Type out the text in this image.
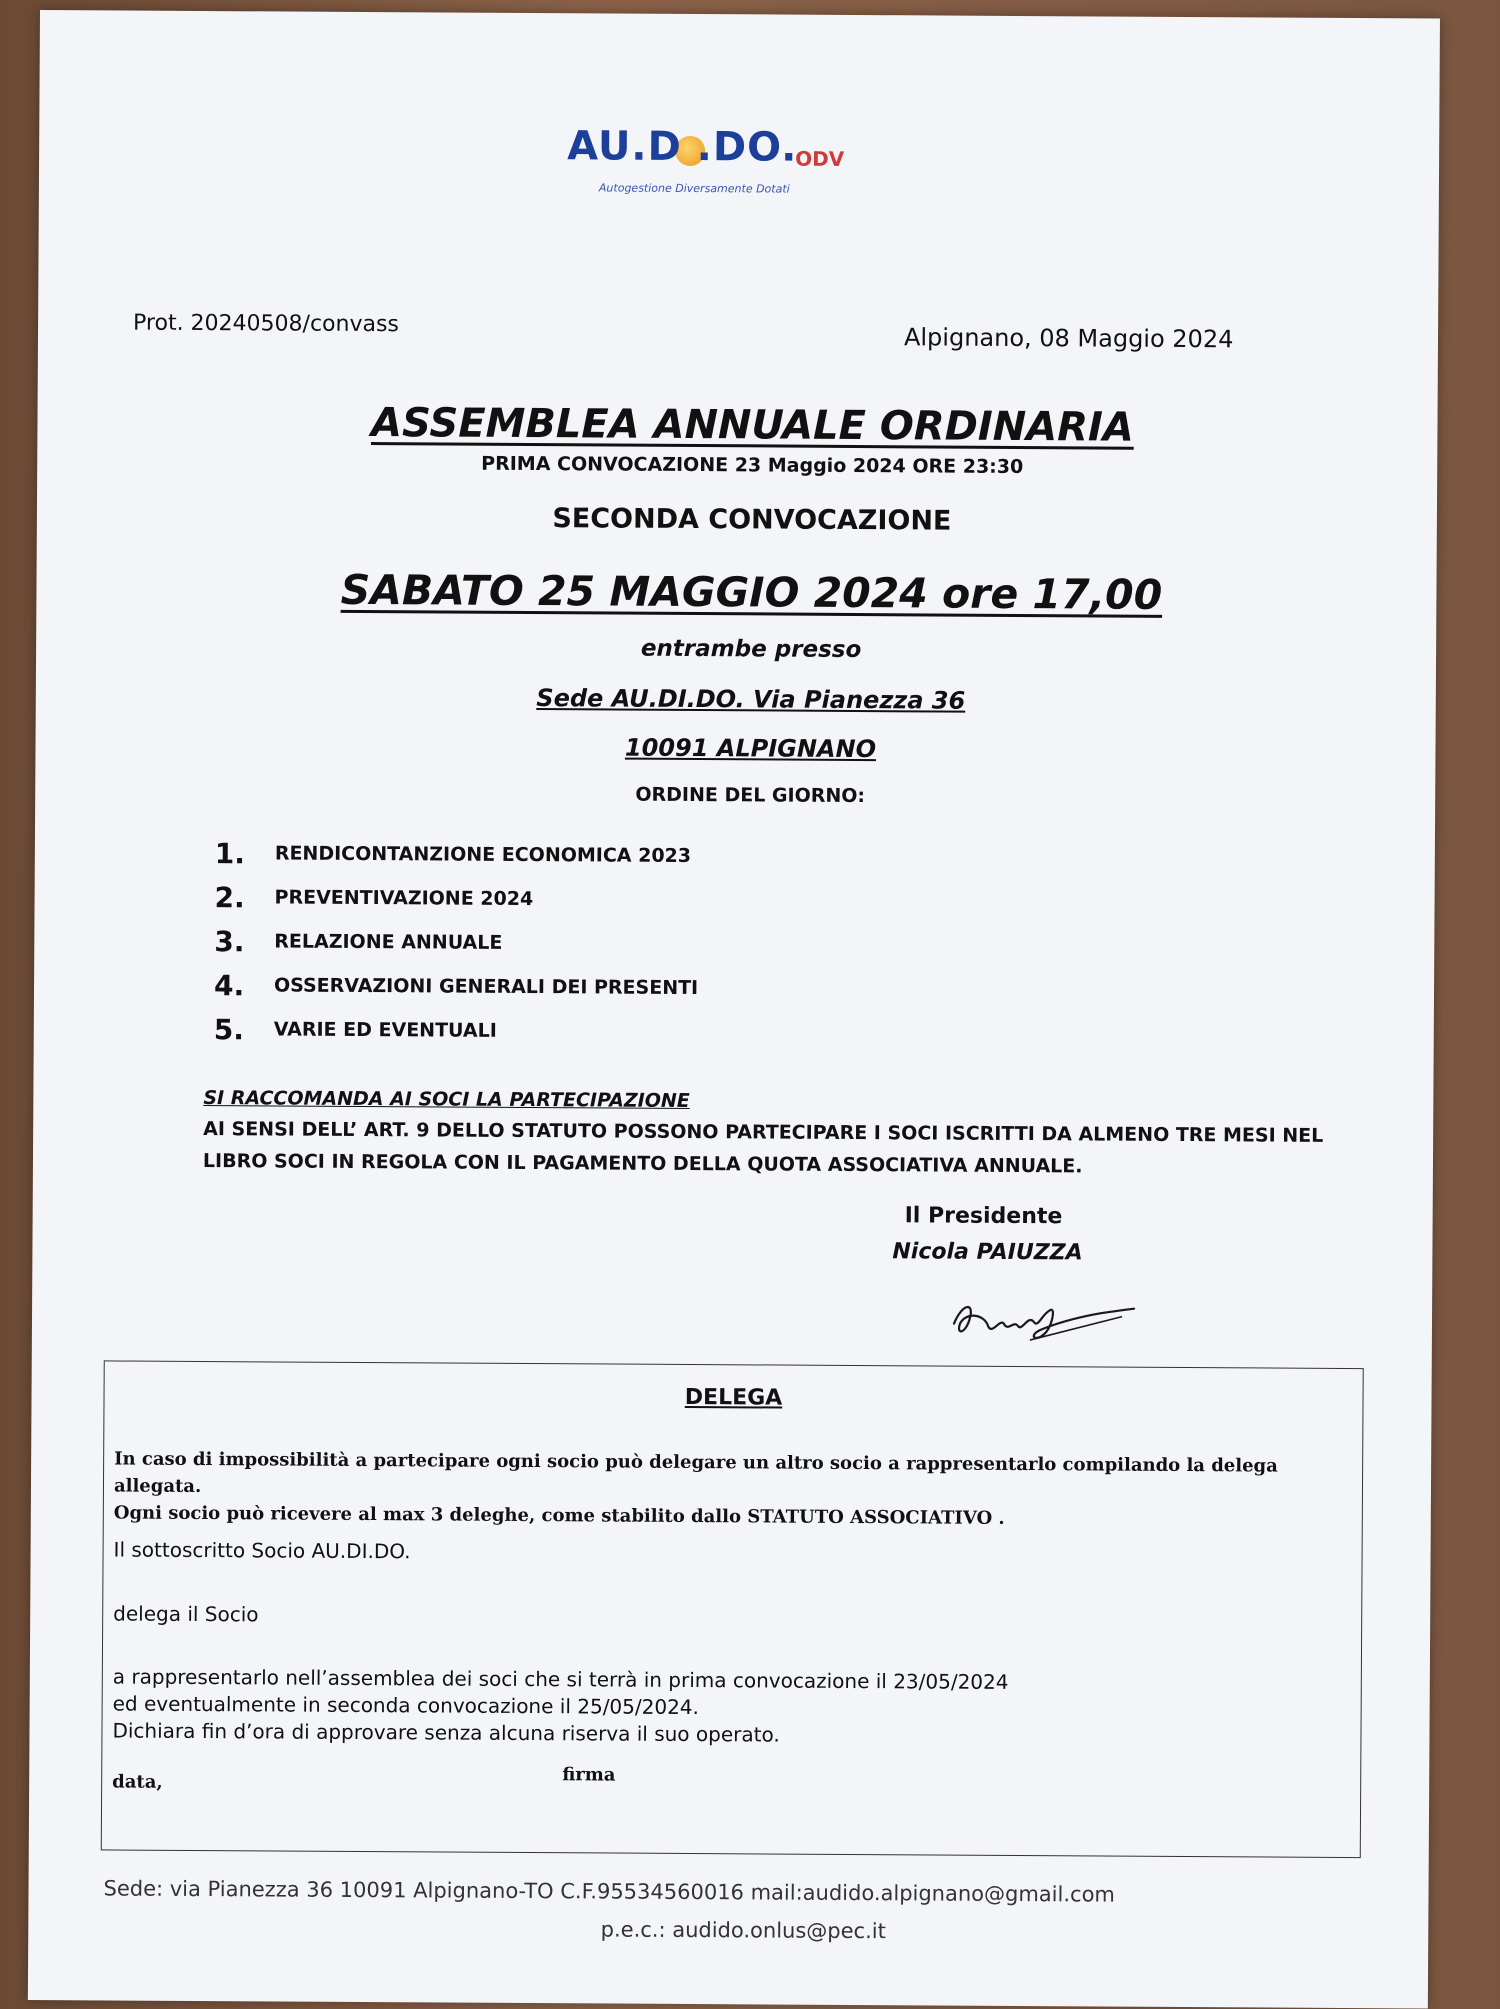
AU.D .DO.
ODV
Autogestione Diversamente Dotati
Prot. 20240508/convass	Alpignano, 08 Maggio 2024
ASSEMBLEA ANNUALE ORDINARIA
PRIMA CONVOCAZIONE 23 Maggio 2024 ORE 23:30
SECONDA CONVOCAZIONE
SABATO 25 MAGGIO 2024 ore 17,00
entrambe presso
Sede AU.DI.DO. Via Pianezza 36
10091 ALPIGNANO
ORDINE DEL GIORNO:
1.	RENDICONTANZIONE ECONOMICA 2023
2.	PREVENTIVAZIONE 2024
3.	RELAZIONE ANNUALE
4.	OSSERVAZIONI GENERALI DEI PRESENTI
5.	VARIE ED EVENTUALI
SI RACCOMANDA AI SOCI LA PARTECIPAZIONE
AI SENSI DELL’ ART. 9 DELLO STATUTO POSSONO PARTECIPARE I SOCI ISCRITTI DA ALMENO TRE MESI NEL LIBRO SOCI IN REGOLA CON IL PAGAMENTO DELLA QUOTA ASSOCIATIVA ANNUALE.
Il Presidente
Nicola PAIUZZA
DELEGA
In caso di impossibilità a partecipare ogni socio può delegare un altro socio a rappresentarlo compilando la delega allegata.
Ogni socio può ricevere al max 3 deleghe, come stabilito dallo STATUTO ASSOCIATIVO .
Il sottoscritto Socio AU.DI.DO.
delega il Socio
a rappresentarlo nell’assemblea dei soci che si terrà in prima convocazione il 23/05/2024
ed eventualmente in seconda convocazione il 25/05/2024.
Dichiara fin d’ora di approvare senza alcuna riserva il suo operato.
data,	firma
Sede: via Pianezza 36 10091 Alpignano-TO C.F.95534560016 mail:audido.alpignano@gmail.com
p.e.c.: audido.onlus@pec.it
